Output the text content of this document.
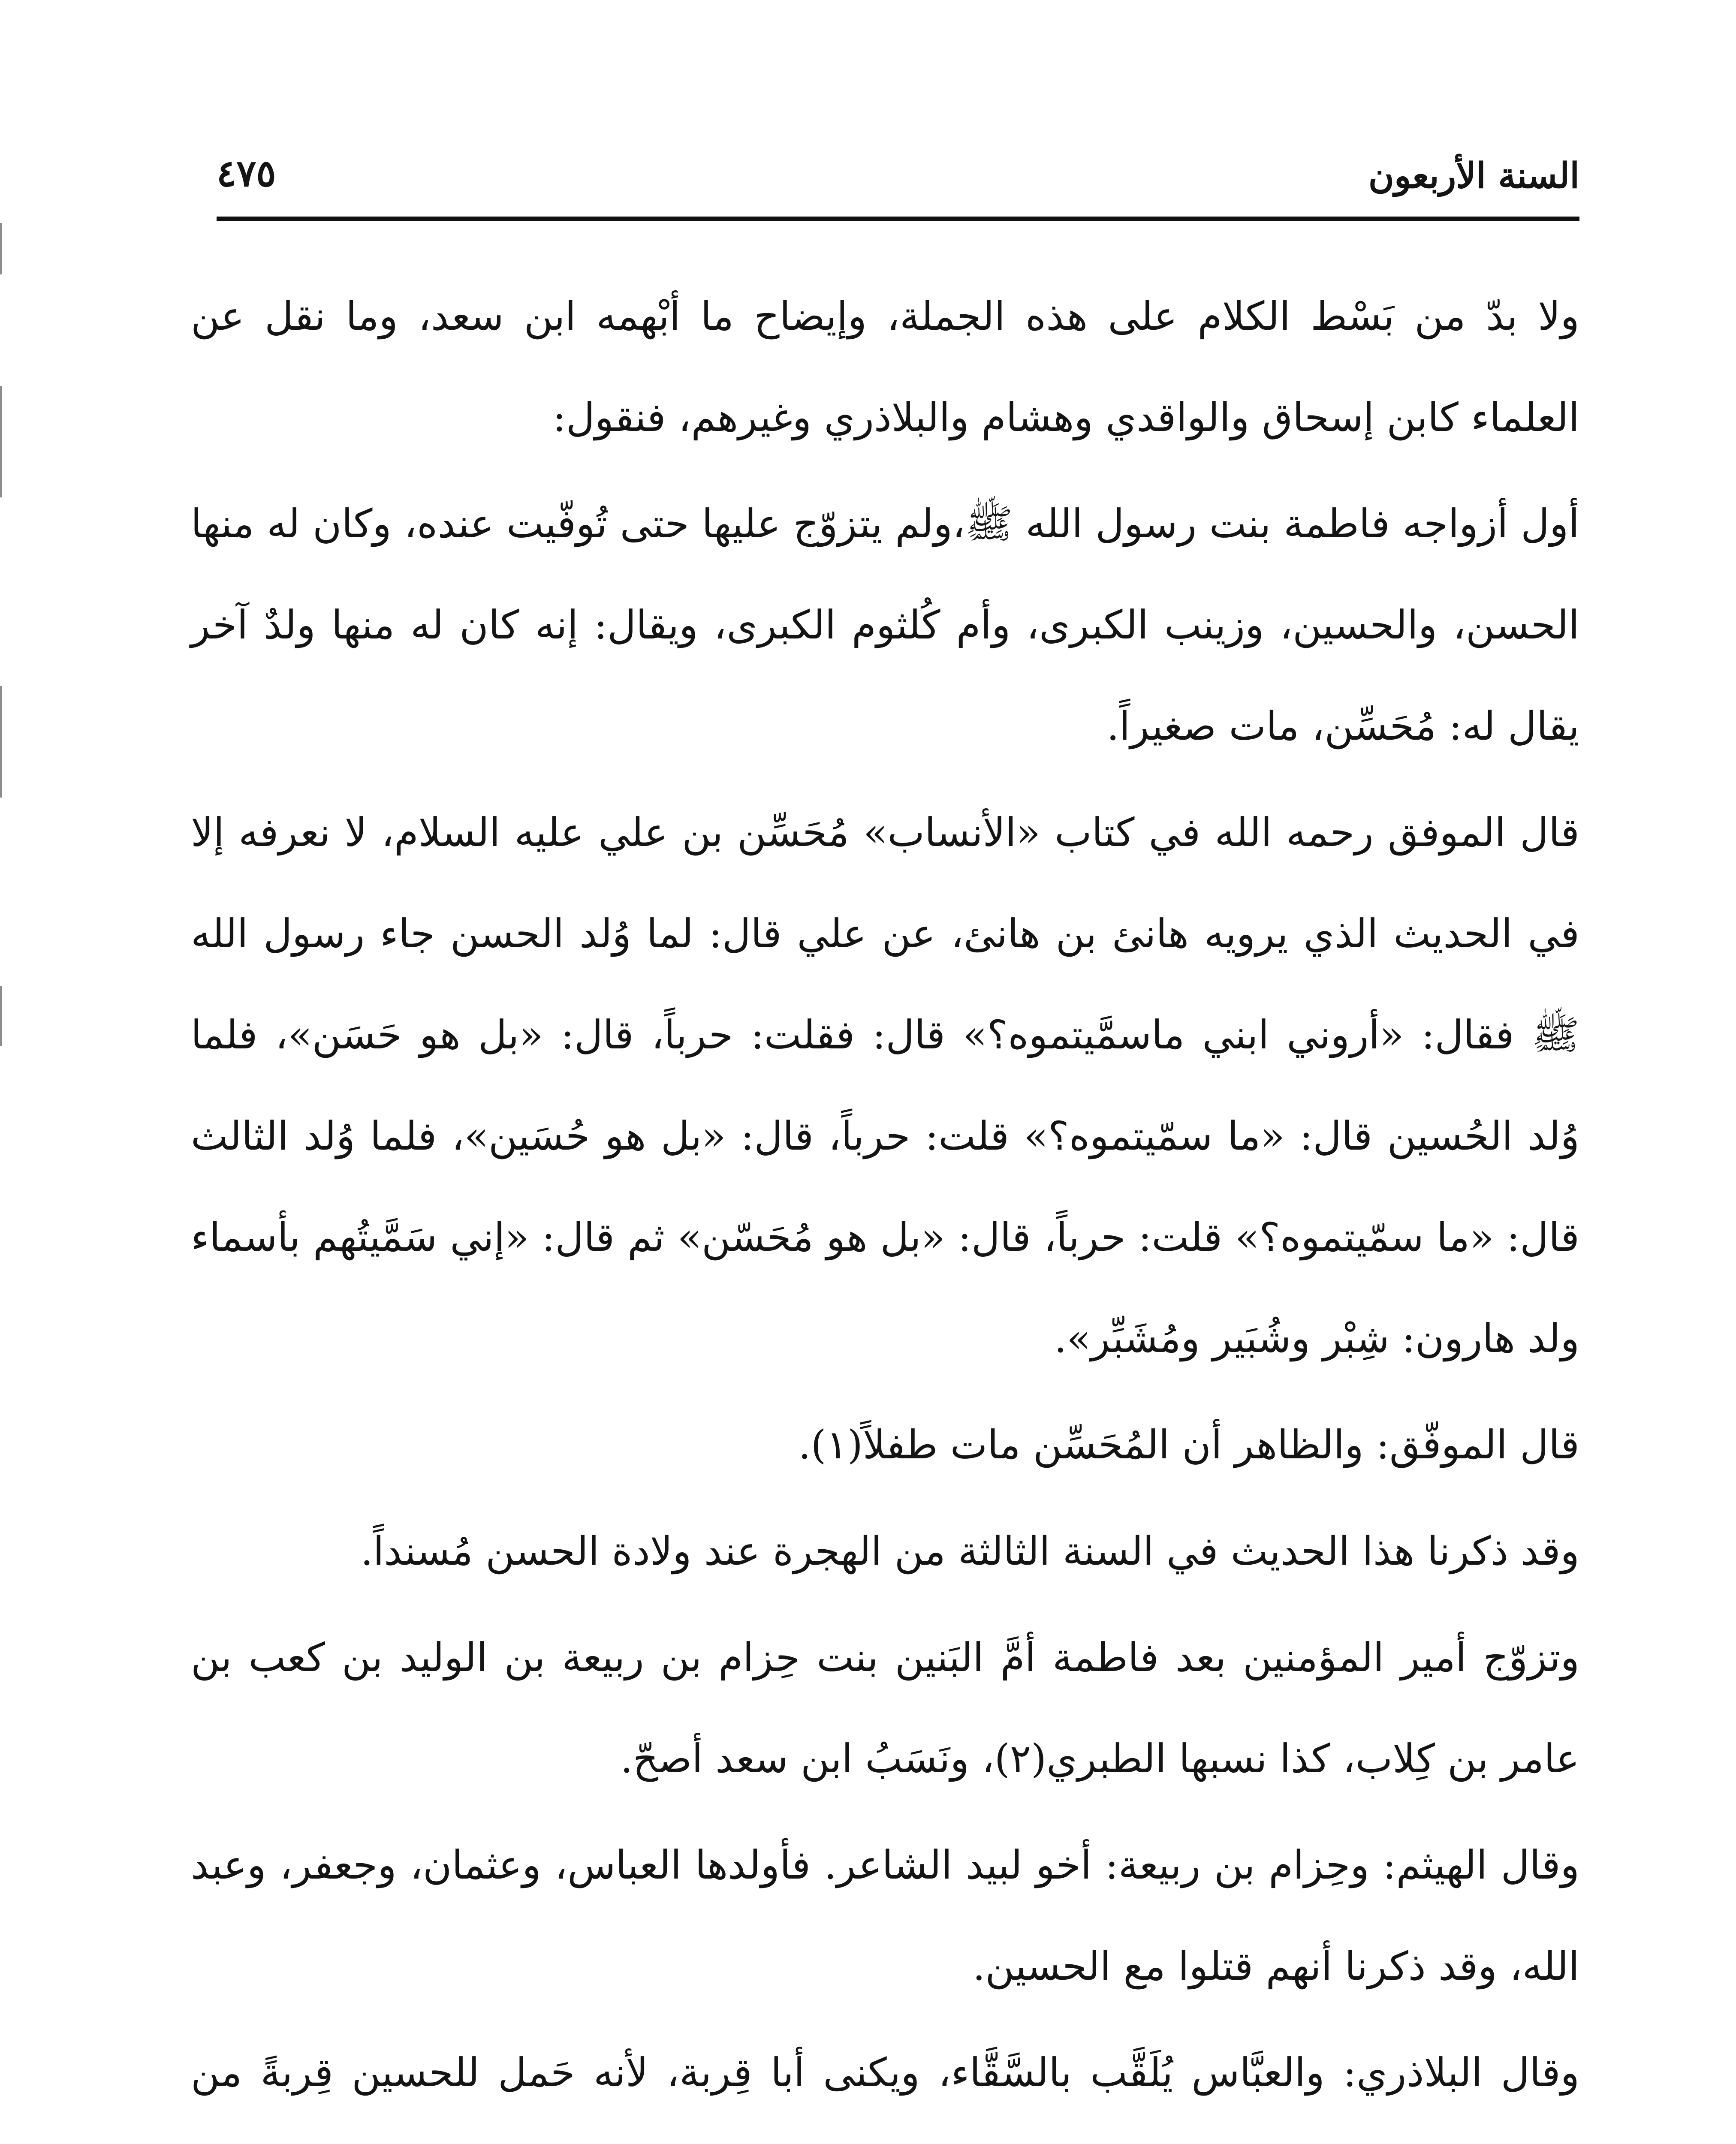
السنة الأربعون
٤٧٥

ولا بدّ من بَسْط الكلام على هذه الجملة، وإيضاح ما أبْهمه ابن سعد، وما نقل عن العلماء كابن إسحاق والواقدي وهشام والبلاذري وغيرهم، فنقول:

أول أزواجه فاطمة بنت رسول الله ﷺ،ولم يتزوّج عليها حتى تُوفّيت عنده، وكان له منها الحسن، والحسين، وزينب الكبرى، وأم كُلثوم الكبرى، ويقال: إنه كان له منها ولدٌ آخر يقال له: مُحَسِّن، مات صغيراً.

قال الموفق رحمه الله في كتاب «الأنساب» مُحَسِّن بن علي عليه السلام، لا نعرفه إلا في الحديث الذي يرويه هانئ بن هانئ، عن علي قال: لما وُلد الحسن جاء رسول الله ﷺ فقال: «أروني ابني ماسمَّيتموه؟» قال: فقلت: حرباً، قال: «بل هو حَسَن»، فلما وُلد الحُسين قال: «ما سمّيتموه؟» قلت: حرباً، قال: «بل هو حُسَين»، فلما وُلد الثالث قال: «ما سمّيتموه؟» قلت: حرباً، قال: «بل هو مُحَسّن» ثم قال: «إني سَمَّيتُهم بأسماء ولد هارون: شِبْر وشُبَير ومُشَبِّر».

قال الموفّق: والظاهر أن المُحَسِّن مات طفلاً(١).

وقد ذكرنا هذا الحديث في السنة الثالثة من الهجرة عند ولادة الحسن مُسنداً.

وتزوّج أمير المؤمنين بعد فاطمة أمَّ البَنين بنت حِزام بن ربيعة بن الوليد بن كعب بن عامر بن كِلاب، كذا نسبها الطبري(٢)، ونَسَبُ ابن سعد أصحّ.

وقال الهيثم: وحِزام بن ربيعة: أخو لبيد الشاعر. فأولدها العباس، وعثمان، وجعفر، وعبد الله، وقد ذكرنا أنهم قتلوا مع الحسين.

وقال البلاذري: والعبَّاس يُلَقَّب بالسَّقَّاء، ويكنى أبا قِربة، لأنه حَمل للحسين قِربةً من
